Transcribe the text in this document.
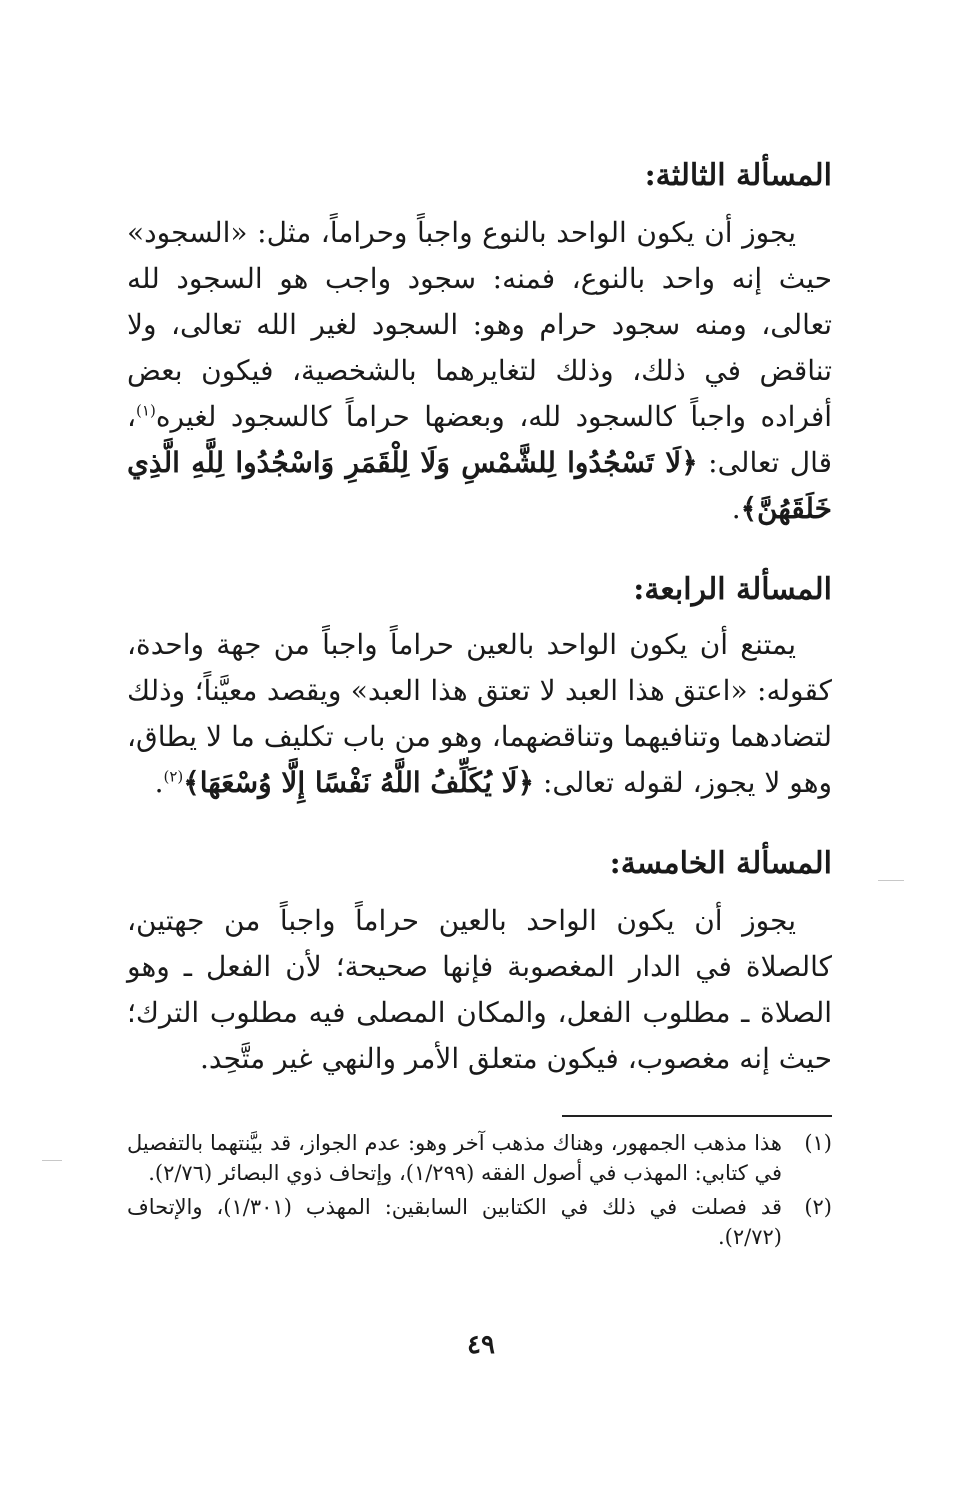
المسألة الثالثة:
يجوز أن يكون الواحد بالنوع واجباً وحراماً، مثل: «السجود» حيث إنه واحد بالنوع، فمنه: سجود واجب هو السجود لله تعالى، ومنه سجود حرام وهو: السجود لغير الله تعالى، ولا تناقض في ذلك، وذلك لتغايرهما بالشخصية، فيكون بعض أفراده واجباً كالسجود لله، وبعضها حراماً كالسجود لغيره$^{(١)}$، قال تعالى: ﴿لَا تَسْجُدُوا لِلشَّمْسِ وَلَا لِلْقَمَرِ وَاسْجُدُوا لِلَّهِ الَّذِي خَلَقَهُنَّ﴾.
المسألة الرابعة:
يمتنع أن يكون الواحد بالعين حراماً واجباً من جهة واحدة، كقوله: «اعتق هذا العبد لا تعتق هذا العبد» ويقصد معيَّناً؛ وذلك لتضادهما وتنافيهما وتناقضهما، وهو من باب تكليف ما لا يطاق، وهو لا يجوز، لقوله تعالى: ﴿لَا يُكَلِّفُ اللَّهُ نَفْسًا إِلَّا وُسْعَهَا﴾$^{(٢)}$.
المسألة الخامسة:
يجوز أن يكون الواحد بالعين حراماً واجباً من جهتين، كالصلاة في الدار المغصوبة فإنها صحيحة؛ لأن الفعل ـ وهو الصلاة ـ مطلوب الفعل، والمكان المصلى فيه مطلوب الترك؛ حيث إنه مغصوب، فيكون متعلق الأمر والنهي غير متَّحِد.
(١)
هذا مذهب الجمهور، وهناك مذهب آخر وهو: عدم الجواز، قد بيَّنتهما بالتفصيل في كتابي: المهذب في أصول الفقه (١/٢٩٩)، وإتحاف ذوي البصائر (٢/٧٦).
(٢)
قد فصلت في ذلك في الكتابين السابقين: المهذب (١/٣٠١)، والإتحاف (٢/٧٢).
٤٩
